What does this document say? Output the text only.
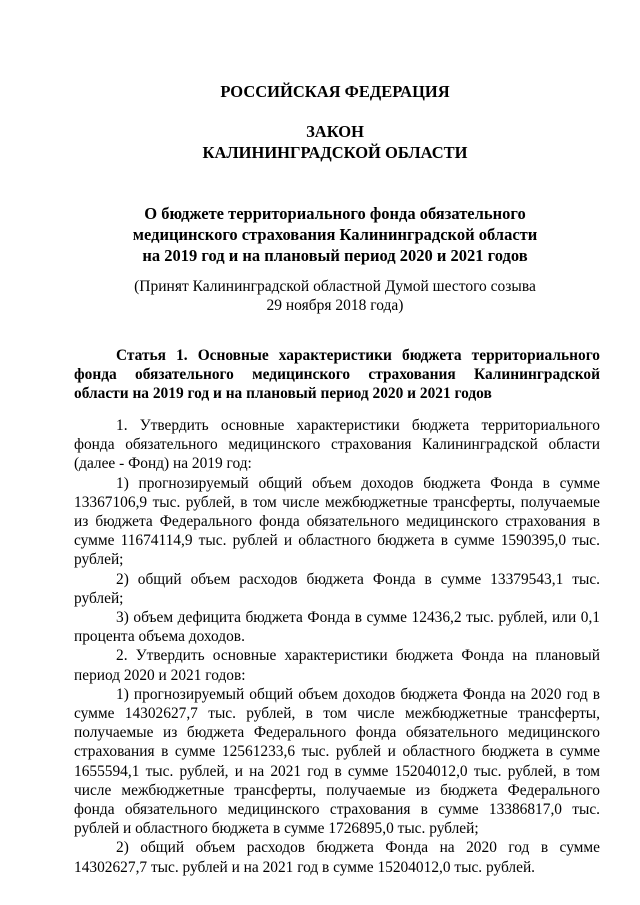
РОССИЙСКАЯ ФЕДЕРАЦИЯ

ЗАКОН

КАЛИНИНГРАДСКОЙ ОБЛАСТИ

О бюджете территориального фонда обязательного
медицинского страхования Калининградской области
на 2019 год и на плановый период 2020 и 2021 годов
(Принят Калининградской областной Думой шестого созыва
29 ноября 2018 года)

Статья 1. Основные характеристики бюджета территориального фонда обязательного медицинского страхования Калининградской области на 2019 год и на плановый период 2020 и 2021 годов

1. Утвердить основные характеристики бюджета территориального фонда обязательного медицинского страхования Калининградской области (далее - Фонд) на 2019 год:

1) прогнозируемый общий объем доходов бюджета Фонда в сумме 13367106,9 тыс. рублей, в том числе межбюджетные трансферты, получаемые из бюджета Федерального фонда обязательного медицинского страхования в сумме 11674114,9 тыс. рублей и областного бюджета в сумме 1590395,0 тыс. рублей;

2) общий объем расходов бюджета Фонда в сумме 13379543,1 тыс. рублей;

3) объем дефицита бюджета Фонда в сумме 12436,2 тыс. рублей, или 0,1 процента объема доходов.

2. Утвердить основные характеристики бюджета Фонда на плановый период 2020 и 2021 годов:

1) прогнозируемый общий объем доходов бюджета Фонда на 2020 год в сумме 14302627,7 тыс. рублей, в том числе межбюджетные трансферты, получаемые из бюджета Федерального фонда обязательного медицинского страхования в сумме 12561233,6 тыс. рублей и областного бюджета в сумме 1655594,1 тыс. рублей, и на 2021 год в сумме 15204012,0 тыс. рублей, в том числе межбюджетные трансферты, получаемые из бюджета Федерального фонда обязательного медицинского страхования в сумме 13386817,0 тыс. рублей и областного бюджета в сумме 1726895,0 тыс. рублей;

2) общий объем расходов бюджета Фонда на 2020 год в сумме 14302627,7 тыс. рублей и на 2021 год в сумме 15204012,0 тыс. рублей.
